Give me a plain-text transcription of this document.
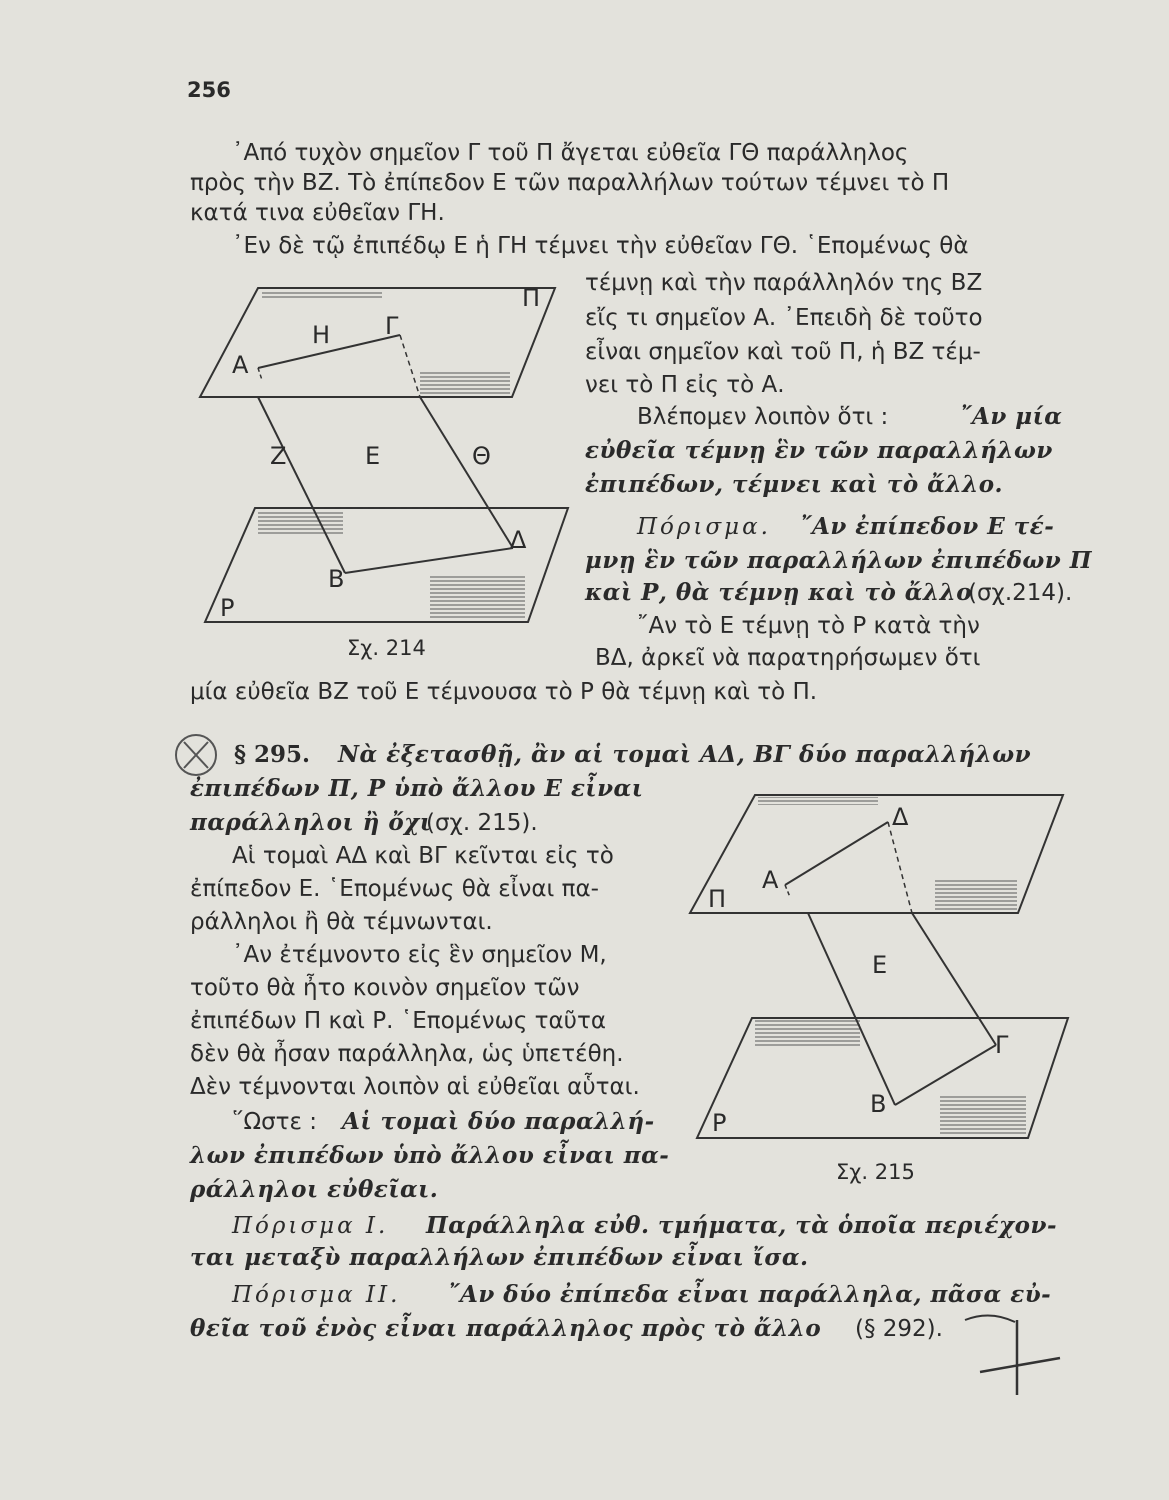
256
᾿Από τυχὸν σημεῖον Γ τοῦ Π ἄγεται εὐθεῖα ΓΘ παράλληλος
πρὸς τὴν ΒΖ. Τὸ ἐπίπεδον Ε τῶν παραλλήλων τούτων τέμνει τὸ Π
κατά τινα εὐθεῖαν ΓΗ.
᾿Εν δὲ τῷ ἐπιπέδῳ Ε ἡ ΓΗ τέμνει τὴν εὐθεῖαν ΓΘ. ῾Επομένως θὰ
τέμνῃ καὶ τὴν παράλληλόν της ΒΖ
εἴς τι σημεῖον Α. ᾿Επειδὴ δὲ τοῦτο
εἶναι σημεῖον καὶ τοῦ Π, ἡ ΒΖ τέμ-
νει τὸ Π εἰς τὸ Α.
Βλέπομεν λοιπὸν ὅτι :	῎Αν μία
εὐθεῖα τέμνῃ ἓν τῶν παραλλήλων
ἐπιπέδων, τέμνει καὶ τὸ ἄλλο.
Πόρισμα. ῎Αν ἐπίπεδον Ε τέ-
μνῃ ἓν τῶν παραλλήλων ἐπιπέδων Π
καὶ Ρ, θὰ τέμνῃ καὶ τὸ ἄλλο
(σχ.214).
῎Αν τὸ Ε τέμνῃ τὸ Ρ κατὰ τὴν
ΒΔ, ἀρκεῖ νὰ παρατηρήσωμεν ὅτι
μία εὐθεῖα ΒΖ τοῦ Ε τέμνουσα τὸ Ρ θὰ τέμνῃ καὶ τὸ Π.
Π
Η Γ
Α
Ζ	Ε	Θ
Δ
Β
Ρ
Σχ. 214
§ 295. Νὰ ἐξετασθῇ, ἂν αἱ τομαὶ ΑΔ, ΒΓ δύο παραλλήλων
ἐπιπέδων Π, Ρ ὑπὸ ἄλλου Ε εἶναι
παράλληλοι ἢ ὄχι
(σχ. 215).
Αἱ τομαὶ ΑΔ καὶ ΒΓ κεῖνται εἰς τὸ
ἐπίπεδον Ε. ῾Επομένως θὰ εἶναι πα-
ράλληλοι ἢ θὰ τέμνωνται.
᾿Αν ἐτέμνοντο εἰς ἓν σημεῖον Μ,
τοῦτο θὰ ἦτο κοινὸν σημεῖον τῶν
ἐπιπέδων Π καὶ Ρ. ῾Επομένως ταῦτα
δὲν θὰ ἦσαν παράλληλα, ὡς ὑπετέθη.
Δὲν τέμνονται λοιπὸν αἱ εὐθεῖαι αὗται.
῞Ωστε : Αἱ τομαὶ δύο παραλλή-
λων ἐπιπέδων ὑπὸ ἄλλου εἶναι πα-
ράλληλοι εὐθεῖαι.
Δ
Α
Π
Ε
Γ
Β
Ρ
Σχ. 215
Πόρισμα Ι. Παράλληλα εὐθ. τμήματα, τὰ ὁποῖα περιέχον-
ται μεταξὺ παραλλήλων ἐπιπέδων εἶναι ἴσα.
Πόρισμα ΙΙ. ῎Αν δύο ἐπίπεδα εἶναι παράλληλα, πᾶσα εὐ-
θεῖα τοῦ ἑνὸς εἶναι παράλληλος πρὸς τὸ ἄλλο (§ 292).
